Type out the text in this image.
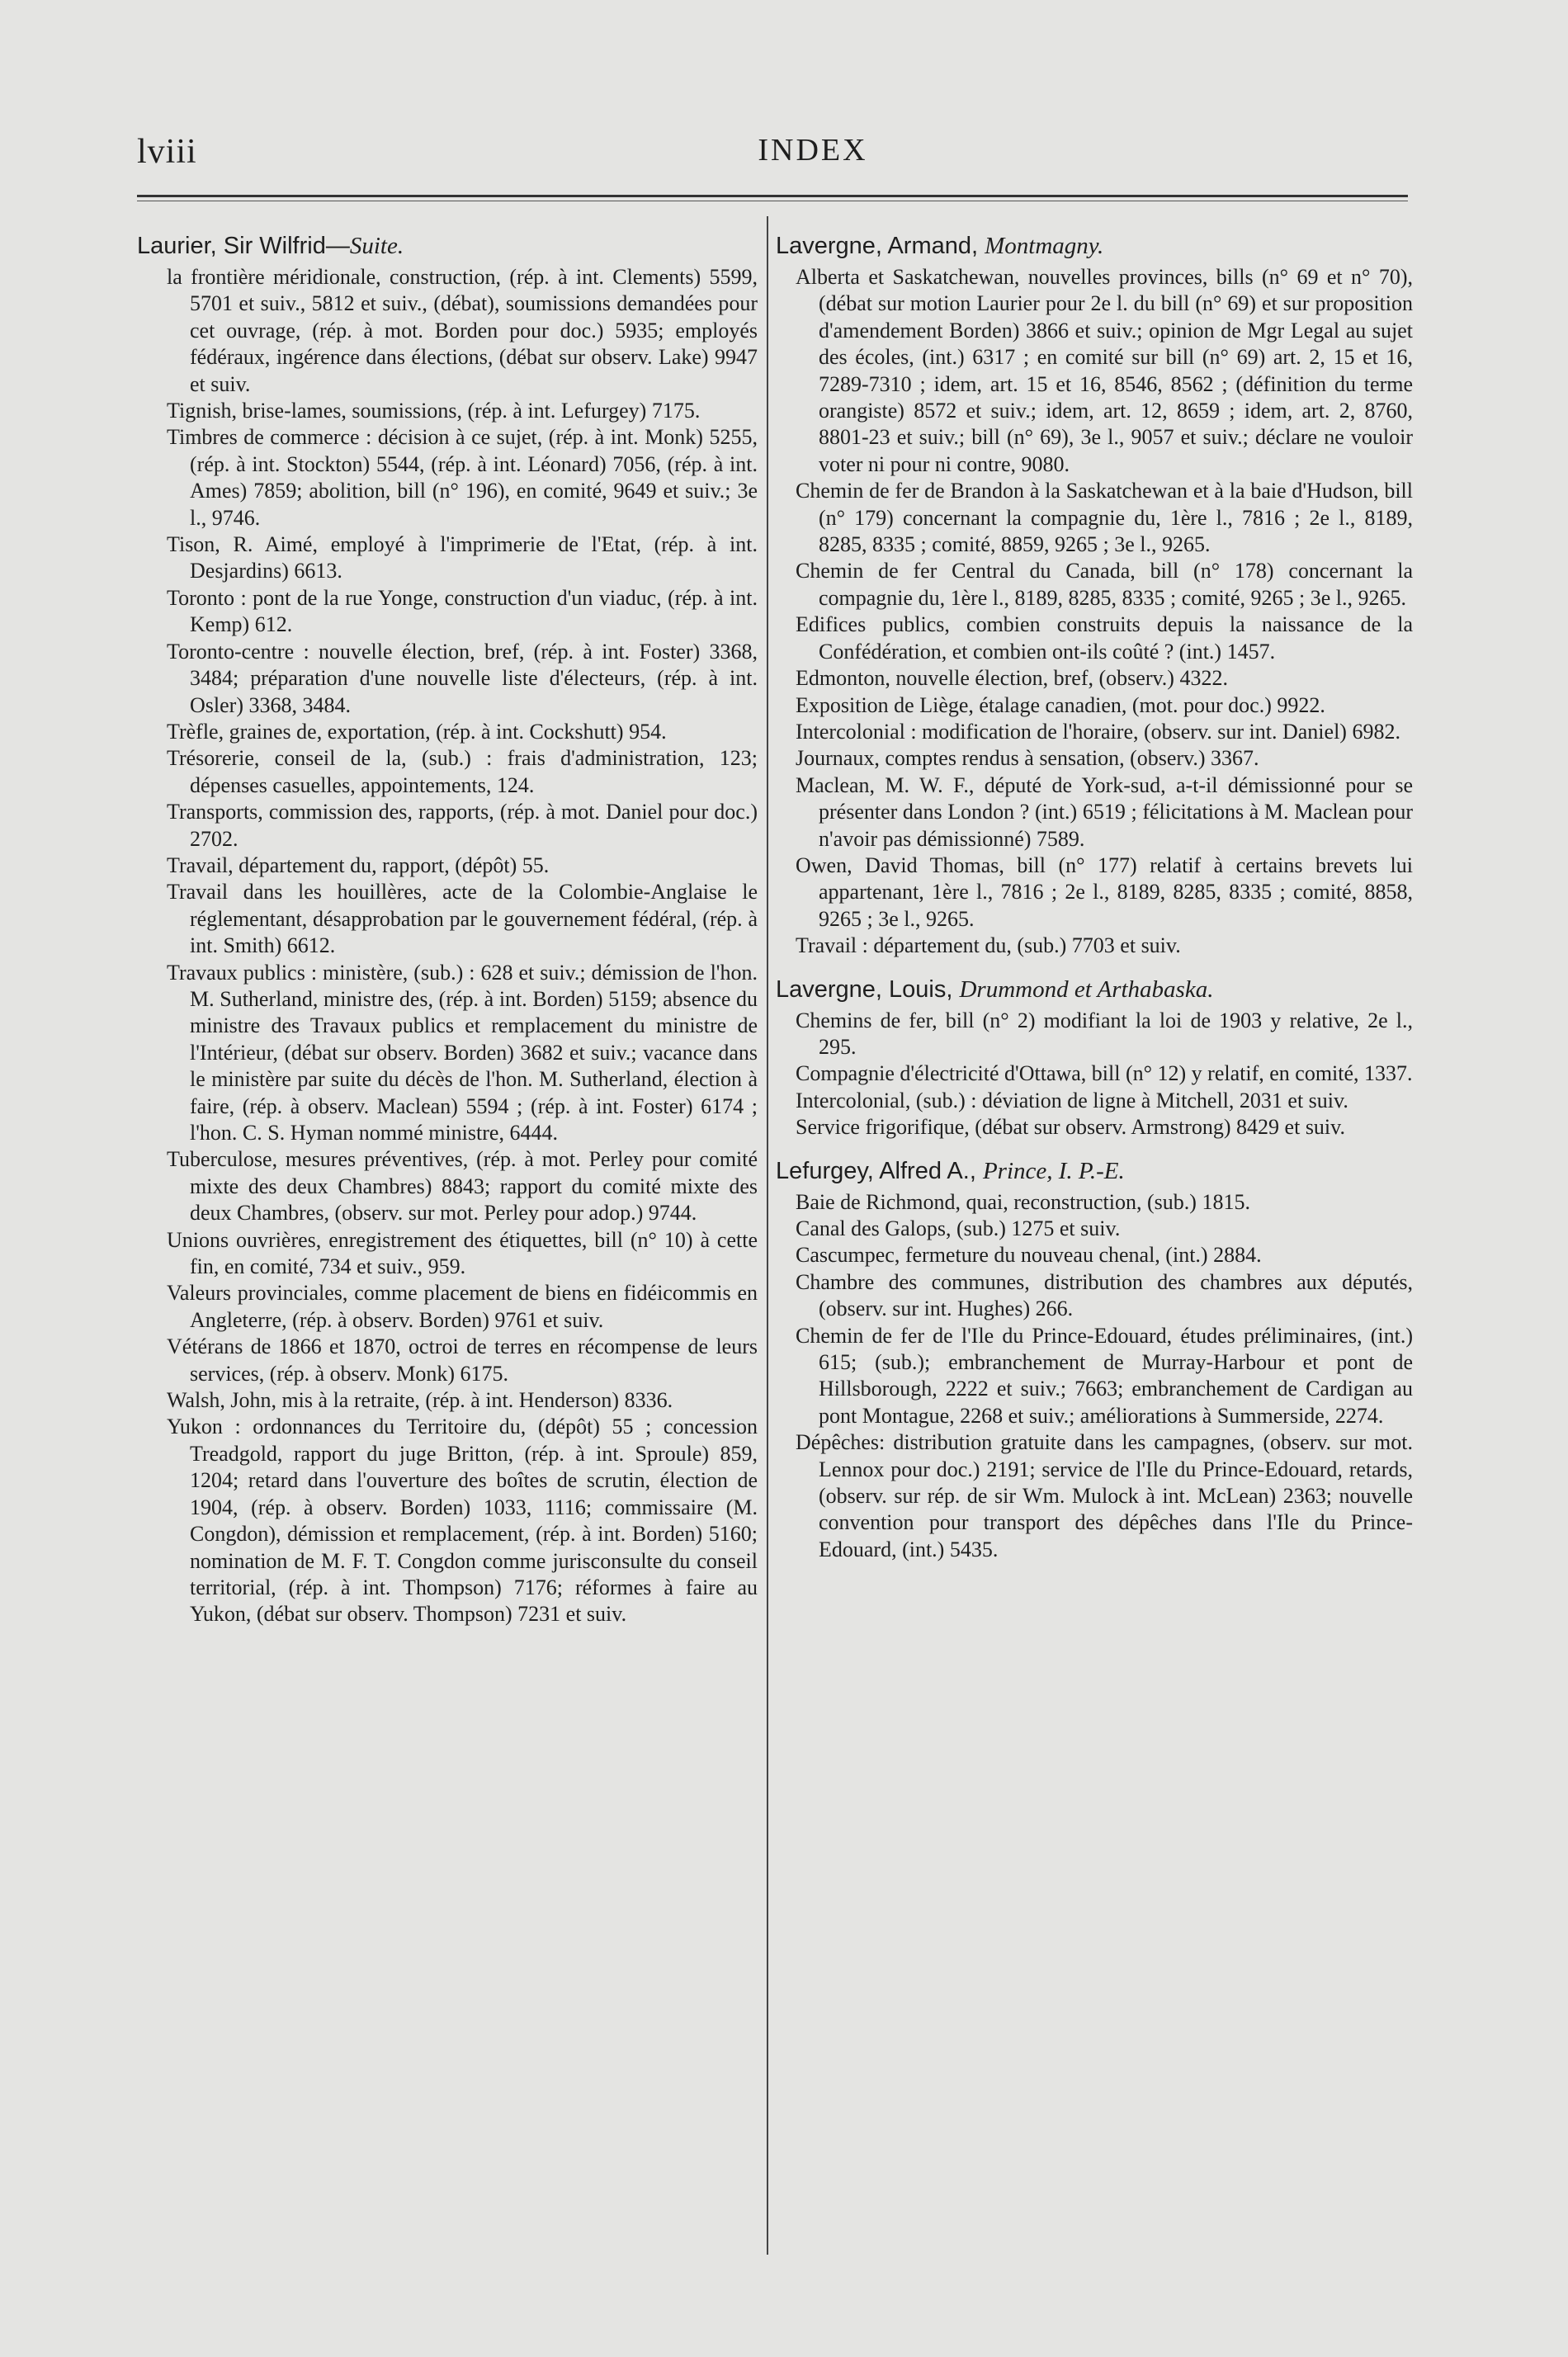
lviii	INDEX
Laurier, Sir Wilfrid—Suite.

la frontière méridionale, construction, (rép. à int. Clements) 5599, 5701 et suiv., 5812 et suiv., (débat), soumissions demandées pour cet ouvrage, (rép. à mot. Borden pour doc.) 5935; employés fédéraux, ingérence dans élections, (débat sur observ. Lake) 9947 et suiv.

Tignish, brise-lames, soumissions, (rép. à int. Lefurgey) 7175.

Timbres de commerce : décision à ce sujet, (rép. à int. Monk) 5255, (rép. à int. Stockton) 5544, (rép. à int. Léonard) 7056, (rép. à int. Ames) 7859; abolition, bill (n° 196), en comité, 9649 et suiv.; 3e l., 9746.

Tison, R. Aimé, employé à l'imprimerie de l'Etat, (rép. à int. Desjardins) 6613.

Toronto : pont de la rue Yonge, construction d'un viaduc, (rép. à int. Kemp) 612.

Toronto-centre : nouvelle élection, bref, (rép. à int. Foster) 3368, 3484; préparation d'une nouvelle liste d'électeurs, (rép. à int. Osler) 3368, 3484.

Trèfle, graines de, exportation, (rép. à int. Cockshutt) 954.

Trésorerie, conseil de la, (sub.) : frais d'administration, 123; dépenses casuelles, appointements, 124.

Transports, commission des, rapports, (rép. à mot. Daniel pour doc.) 2702.

Travail, département du, rapport, (dépôt) 55.

Travail dans les houillères, acte de la Colombie-Anglaise le réglementant, désapprobation par le gouvernement fédéral, (rép. à int. Smith) 6612.

Travaux publics : ministère, (sub.) : 628 et suiv.; démission de l'hon. M. Sutherland, ministre des, (rép. à int. Borden) 5159; absence du ministre des Travaux publics et remplacement du ministre de l'Intérieur, (débat sur observ. Borden) 3682 et suiv.; vacance dans le ministère par suite du décès de l'hon. M. Sutherland, élection à faire, (rép. à observ. Maclean) 5594 ; (rép. à int. Foster) 6174 ; l'hon. C. S. Hyman nommé ministre, 6444.

Tuberculose, mesures préventives, (rép. à mot. Perley pour comité mixte des deux Chambres) 8843; rapport du comité mixte des deux Chambres, (observ. sur mot. Perley pour adop.) 9744.

Unions ouvrières, enregistrement des étiquettes, bill (n° 10) à cette fin, en comité, 734 et suiv., 959.

Valeurs provinciales, comme placement de biens en fidéicommis en Angleterre, (rép. à observ. Borden) 9761 et suiv.

Vétérans de 1866 et 1870, octroi de terres en récompense de leurs services, (rép. à observ. Monk) 6175.

Walsh, John, mis à la retraite, (rép. à int. Henderson) 8336.

Yukon : ordonnances du Territoire du, (dépôt) 55 ; concession Treadgold, rapport du juge Britton, (rép. à int. Sproule) 859, 1204; retard dans l'ouverture des boîtes de scrutin, élection de 1904, (rép. à observ. Borden) 1033, 1116; commissaire (M. Congdon), démission et remplacement, (rép. à int. Borden) 5160; nomination de M. F. T. Congdon comme jurisconsulte du conseil territorial, (rép. à int. Thompson) 7176; réformes à faire au Yukon, (débat sur observ. Thompson) 7231 et suiv.

Lavergne, Armand, Montmagny.

Alberta et Saskatchewan, nouvelles provinces, bills (n° 69 et n° 70), (débat sur motion Laurier pour 2e l. du bill (n° 69) et sur proposition d'amendement Borden) 3866 et suiv.; opinion de Mgr Legal au sujet des écoles, (int.) 6317 ; en comité sur bill (n° 69) art. 2, 15 et 16, 7289-7310 ; idem, art. 15 et 16, 8546, 8562 ; (définition du terme orangiste) 8572 et suiv.; idem, art. 12, 8659 ; idem, art. 2, 8760, 8801-23 et suiv.; bill (n° 69), 3e l., 9057 et suiv.; déclare ne vouloir voter ni pour ni contre, 9080.

Chemin de fer de Brandon à la Saskatchewan et à la baie d'Hudson, bill (n° 179) concernant la compagnie du, 1ère l., 7816 ; 2e l., 8189, 8285, 8335 ; comité, 8859, 9265 ; 3e l., 9265.

Chemin de fer Central du Canada, bill (n° 178) concernant la compagnie du, 1ère l., 8189, 8285, 8335 ; comité, 9265 ; 3e l., 9265.

Edifices publics, combien construits depuis la naissance de la Confédération, et combien ont-ils coûté ? (int.) 1457.

Edmonton, nouvelle élection, bref, (observ.) 4322.

Exposition de Liège, étalage canadien, (mot. pour doc.) 9922.

Intercolonial : modification de l'horaire, (observ. sur int. Daniel) 6982.

Journaux, comptes rendus à sensation, (observ.) 3367.

Maclean, M. W. F., député de York-sud, a-t-il démissionné pour se présenter dans London ? (int.) 6519 ; félicitations à M. Maclean pour n'avoir pas démissionné) 7589.

Owen, David Thomas, bill (n° 177) relatif à certains brevets lui appartenant, 1ère l., 7816 ; 2e l., 8189, 8285, 8335 ; comité, 8858, 9265 ; 3e l., 9265.

Travail : département du, (sub.) 7703 et suiv.

Lavergne, Louis, Drummond et Arthabaska.

Chemins de fer, bill (n° 2) modifiant la loi de 1903 y relative, 2e l., 295.

Compagnie d'électricité d'Ottawa, bill (n° 12) y relatif, en comité, 1337.

Intercolonial, (sub.) : déviation de ligne à Mitchell, 2031 et suiv.

Service frigorifique, (débat sur observ. Armstrong) 8429 et suiv.

Lefurgey, Alfred A., Prince, I. P.-E.

Baie de Richmond, quai, reconstruction, (sub.) 1815.

Canal des Galops, (sub.) 1275 et suiv.

Cascumpec, fermeture du nouveau chenal, (int.) 2884.

Chambre des communes, distribution des chambres aux députés, (observ. sur int. Hughes) 266.

Chemin de fer de l'Ile du Prince-Edouard, études préliminaires, (int.) 615; (sub.); embranchement de Murray-Harbour et pont de Hillsborough, 2222 et suiv.; 7663; embranchement de Cardigan au pont Montague, 2268 et suiv.; améliorations à Summerside, 2274.

Dépêches: distribution gratuite dans les campagnes, (observ. sur mot. Lennox pour doc.) 2191; service de l'Ile du Prince-Edouard, retards, (observ. sur rép. de sir Wm. Mulock à int. McLean) 2363; nouvelle convention pour transport des dépêches dans l'Ile du Prince-Edouard, (int.) 5435.
